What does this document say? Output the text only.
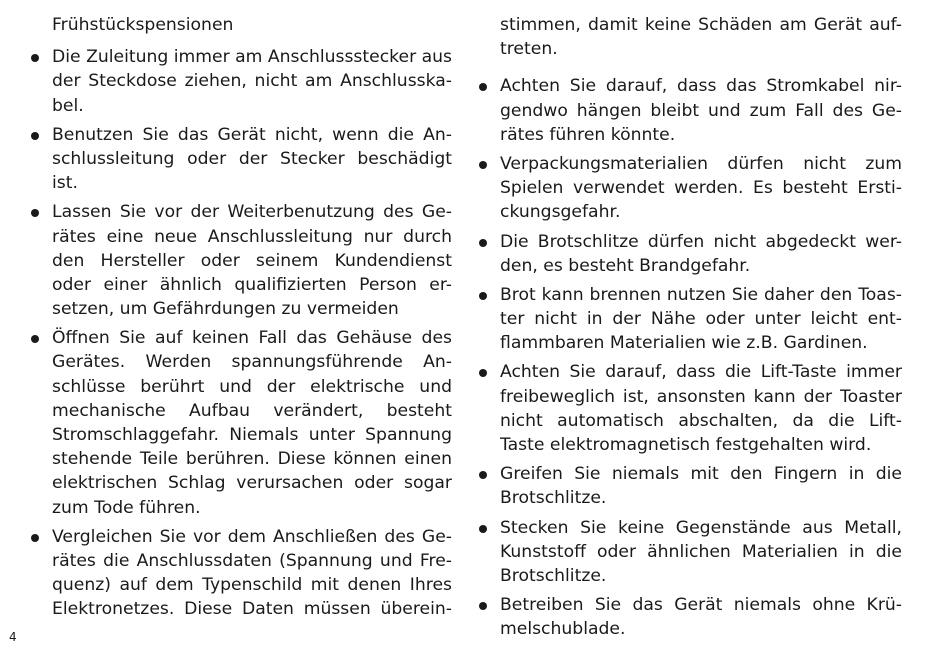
Frühstückspensionen
Die Zuleitung immer am Anschlussstecker aus
der Steckdose ziehen, nicht am Anschlusska-
bel.
Benutzen Sie das Gerät nicht, wenn die An-
schlussleitung oder der Stecker beschädigt
ist.
Lassen Sie vor der Weiterbenutzung des Ge-
rätes eine neue Anschlussleitung nur durch
den Hersteller oder seinem Kundendienst
oder einer ähnlich qualifizierten Person er-
setzen, um Gefährdungen zu vermeiden
Öffnen Sie auf keinen Fall das Gehäuse des
Gerätes. Werden spannungsführende An-
schlüsse berührt und der elektrische und
mechanische Aufbau verändert, besteht
Stromschlaggefahr. Niemals unter Spannung
stehende Teile berühren. Diese können einen
elektrischen Schlag verursachen oder sogar
zum Tode führen.
Vergleichen Sie vor dem Anschließen des Ge-
rätes die Anschlussdaten (Spannung und Fre-
quenz) auf dem Typenschild mit denen Ihres
Elektronetzes. Diese Daten müssen überein-
stimmen, damit keine Schäden am Gerät auf-
treten.
Achten Sie darauf, dass das Stromkabel nir-
gendwo hängen bleibt und zum Fall des Ge-
rätes führen könnte.
Verpackungsmaterialien dürfen nicht zum
Spielen verwendet werden. Es besteht Ersti-
ckungsgefahr.
Die Brotschlitze dürfen nicht abgedeckt wer-
den, es besteht Brandgefahr.
Brot kann brennen nutzen Sie daher den Toas-
ter nicht in der Nähe oder unter leicht ent-
flammbaren Materialien wie z.B. Gardinen.
Achten Sie darauf, dass die Lift-Taste immer
freibeweglich ist, ansonsten kann der Toaster
nicht automatisch abschalten, da die Lift-
Taste elektromagnetisch festgehalten wird.
Greifen Sie niemals mit den Fingern in die
Brotschlitze.
Stecken Sie keine Gegenstände aus Metall,
Kunststoff oder ähnlichen Materialien in die
Brotschlitze.
Betreiben Sie das Gerät niemals ohne Krü-
melschublade.
4
